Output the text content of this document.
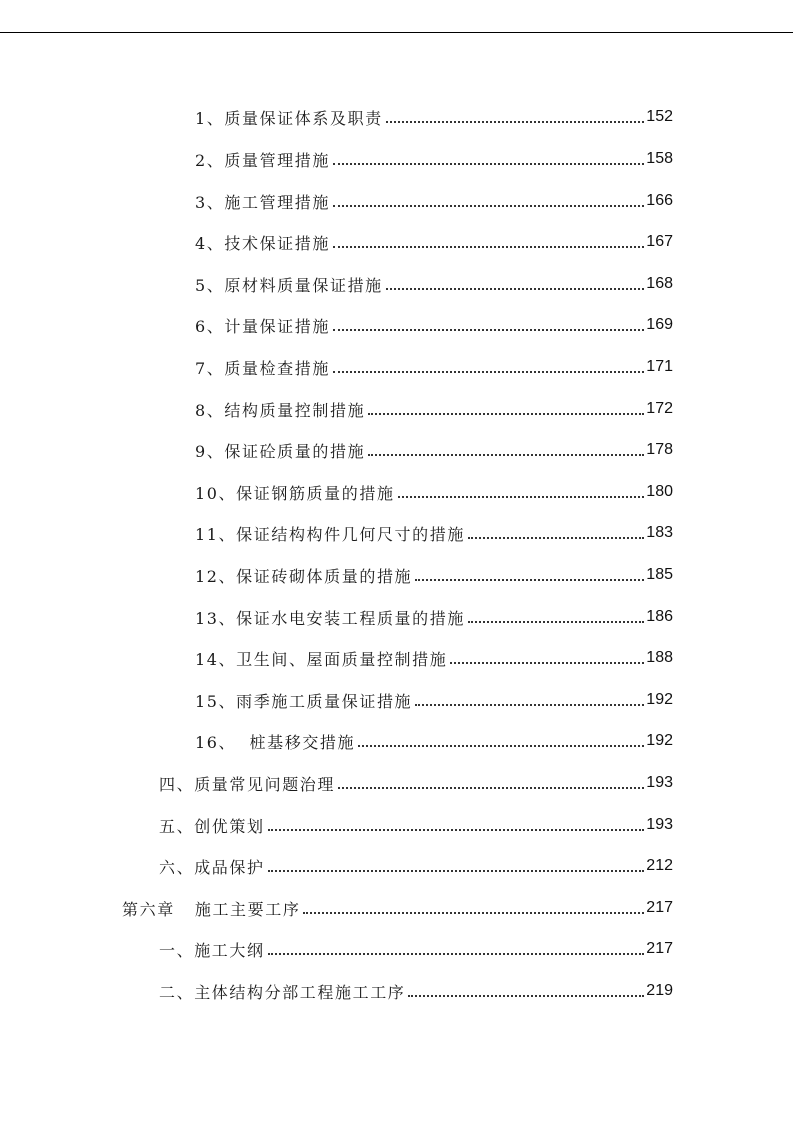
1、质量保证体系及职责	152
2、质量管理措施	158
3、施工管理措施	166
4、技术保证措施	167
5、原材料质量保证措施	168
6、计量保证措施	169
7、质量检查措施	171
8、结构质量控制措施	172
9、保证砼质量的措施	178
10、保证钢筋质量的措施	180
11、保证结构构件几何尺寸的措施	183
12、保证砖砌体质量的措施	185
13、保证水电安装工程质量的措施	186
14、卫生间、屋面质量控制措施	188
15、雨季施工质量保证措施	192
16、  桩基移交措施	192
四、质量常见问题治理	193
五、创优策划	193
六、成品保护	212
第六章   施工主要工序	217
一、施工大纲	217
二、主体结构分部工程施工工序	219
